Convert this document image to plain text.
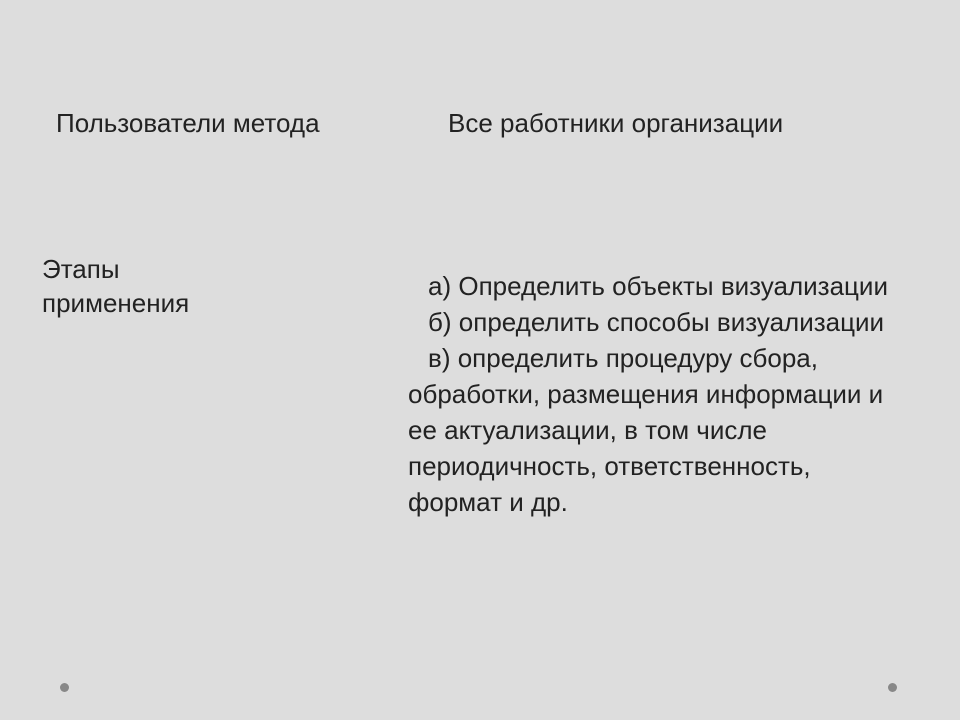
Пользователи метода	Все работники организации
Этапы
применения
а) Определить объекты визуализации
б) определить способы визуализации
в) определить процедуру сбора,
обработки, размещения информации и
ее актуализации, в том числе
периодичность, ответственность,
формат и др.
